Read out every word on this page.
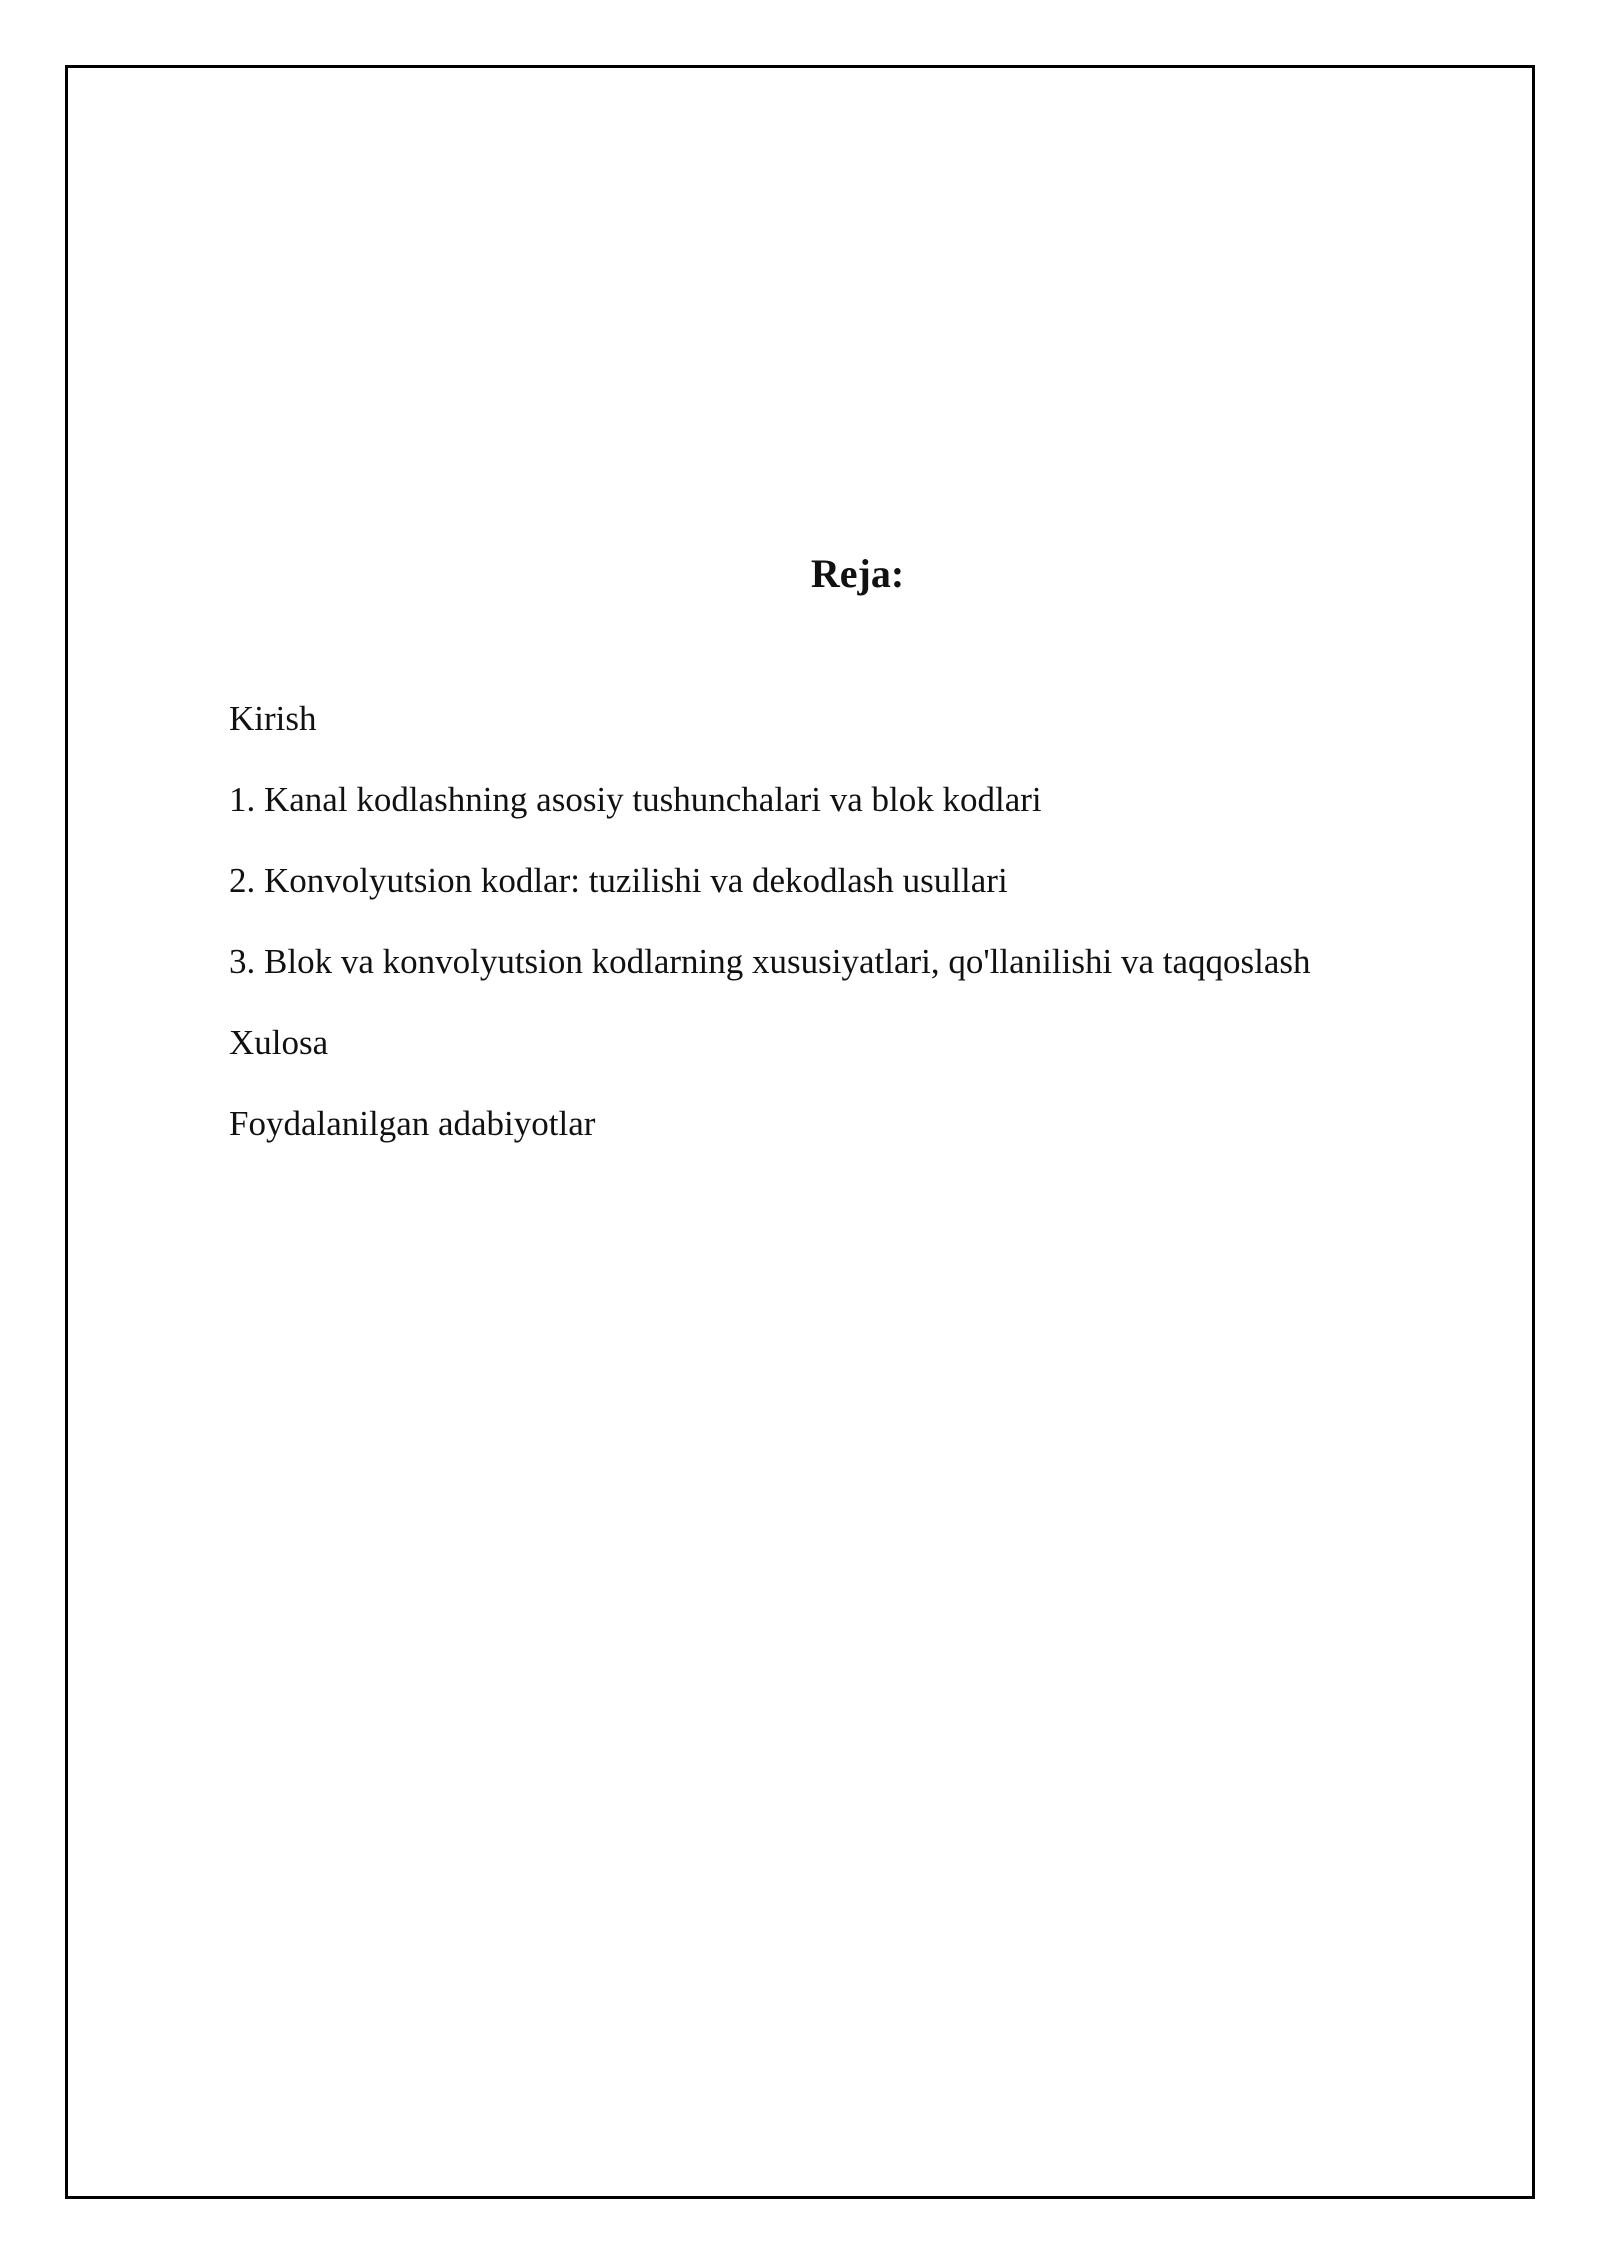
Reja:
Kirish
1. Kanal kodlashning asosiy tushunchalari va blok kodlari
2. Konvolyutsion kodlar: tuzilishi va dekodlash usullari
3. Blok va konvolyutsion kodlarning xususiyatlari, qo'llanilishi va taqqoslash
Xulosa
Foydalanilgan adabiyotlar
